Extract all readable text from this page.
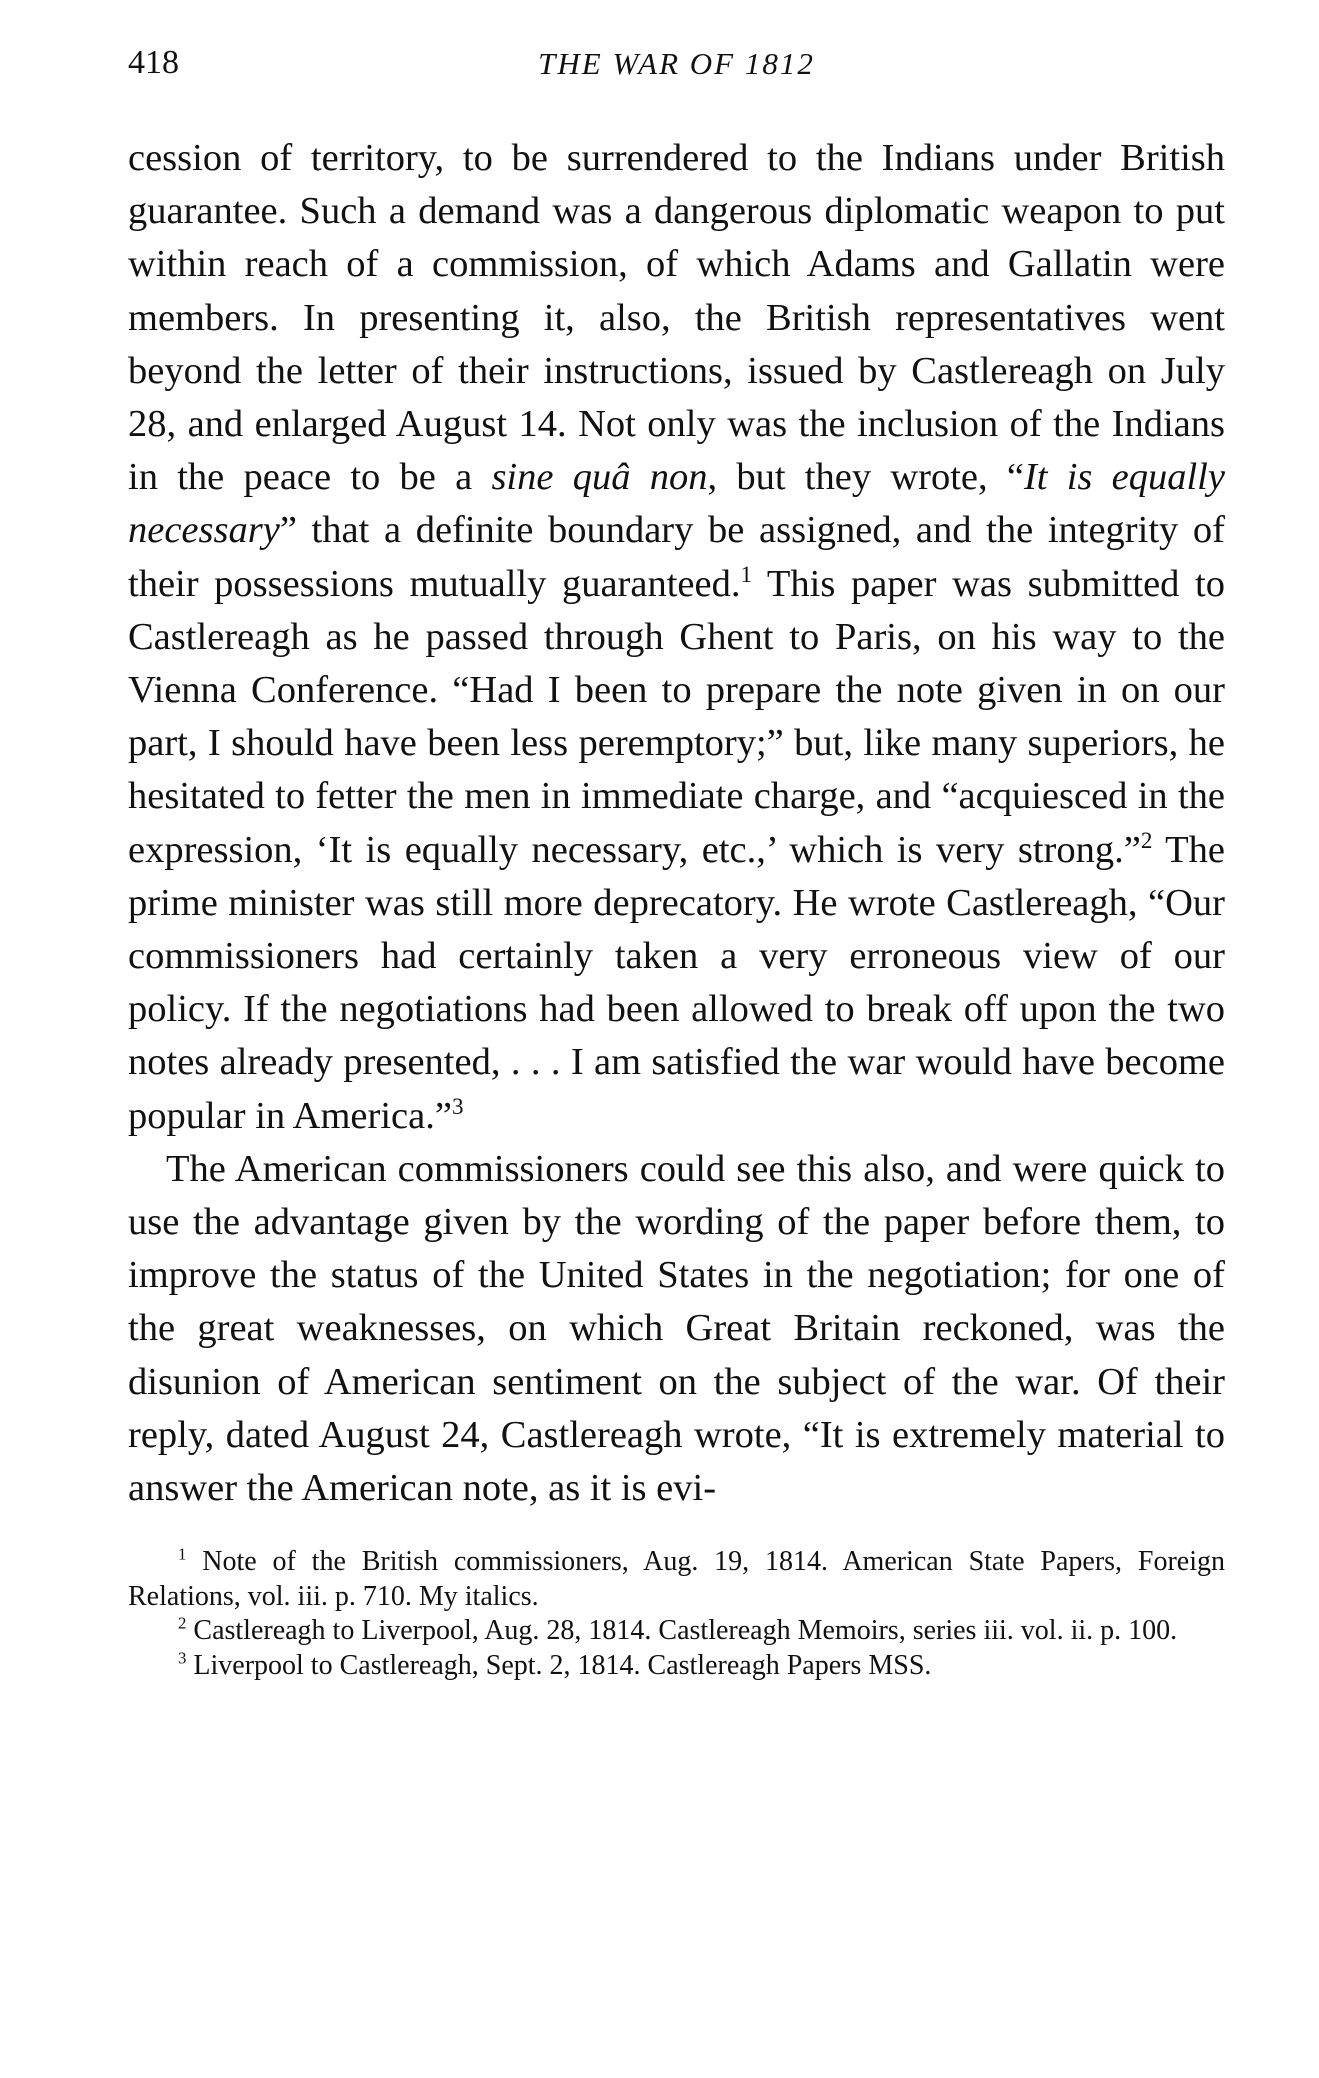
418	THE WAR OF 1812

cession of territory, to be surrendered to the Indians under British guarantee. Such a demand was a dangerous diplomatic weapon to put within reach of a commission, of which Adams and Gallatin were members. In presenting it, also, the British representatives went beyond the letter of their instructions, issued by Castlereagh on July 28, and enlarged August 14. Not only was the inclusion of the Indians in the peace to be a sine quâ non, but they wrote, “It is equally necessary” that a definite boundary be assigned, and the integrity of their possessions mutually guaranteed.$^1$ This paper was submitted to Castlereagh as he passed through Ghent to Paris, on his way to the Vienna Conference. “Had I been to prepare the note given in on our part, I should have been less peremptory;” but, like many superiors, he hesitated to fetter the men in immediate charge, and “acquiesced in the expression, ‘It is equally necessary, etc.,’ which is very strong.”$^2$ The prime minister was still more deprecatory. He wrote Castlereagh, “Our commissioners had certainly taken a very erroneous view of our policy. If the negotiations had been allowed to break off upon the two notes already presented, . . . I am satisfied the war would have become popular in America.”$^3$

The American commissioners could see this also, and were quick to use the advantage given by the wording of the paper before them, to improve the status of the United States in the negotiation; for one of the great weaknesses, on which Great Britain reckoned, was the disunion of American sentiment on the subject of the war. Of their reply, dated August 24, Castlereagh wrote, “It is extremely material to answer the American note, as it is evi-

$^1$ Note of the British commissioners, Aug. 19, 1814. American State Papers, Foreign Relations, vol. iii. p. 710. My italics.

$^2$ Castlereagh to Liverpool, Aug. 28, 1814. Castlereagh Memoirs, series iii. vol. ii. p. 100.

$^3$ Liverpool to Castlereagh, Sept. 2, 1814. Castlereagh Papers MSS.
